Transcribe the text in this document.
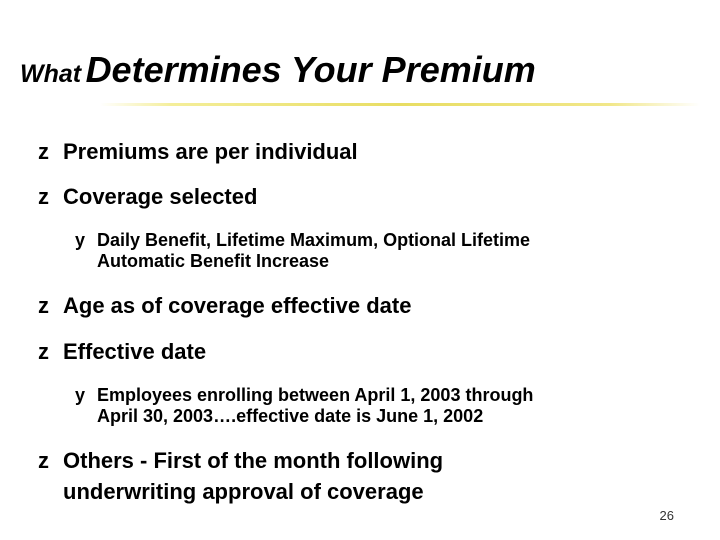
What Determines Your Premium
z Premiums are per individual
z Coverage selected
y Daily Benefit, Lifetime Maximum, Optional Lifetime
Automatic Benefit Increase
z Age as of coverage effective date
z Effective date
y Employees enrolling between April 1, 2003 through
April 30, 2003….effective date is June 1, 2002
z Others - First of the month following
underwriting approval of coverage
26
